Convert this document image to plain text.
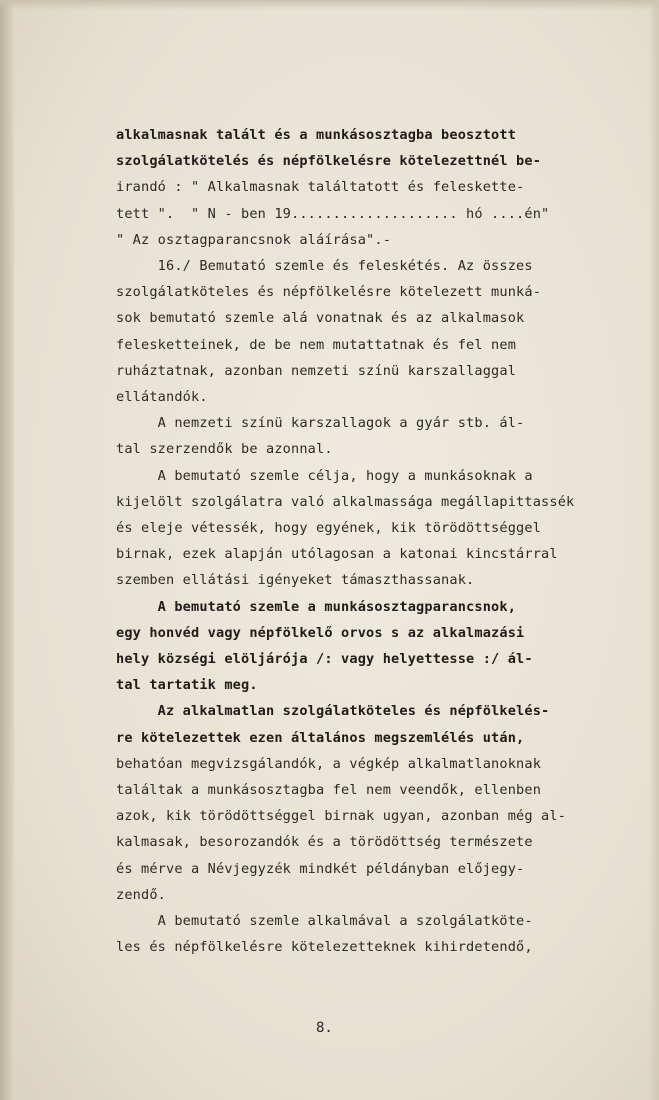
alkalmasnak talált és a munkásosztagba beosztott
szolgálatkötelés és népfölkelésre kötelezettnél be-
irandó : " Alkalmasnak találtatott és feleskette-
tett ".  " N - ben 19.................... hó ....én"
" Az osztagparancsnok aláírása".-
16./ Bemutató szemle és feleskétés. Az összes
szolgálatköteles és népfölkelésre kötelezett munká-
sok bemutató szemle alá vonatnak és az alkalmasok
felesketteinek, de be nem mutattatnak és fel nem
ruháztatnak, azonban nemzeti színü karszallaggal
ellátandók.
A nemzeti színü karszallagok a gyár stb. ál-
tal szerzendők be azonnal.
A bemutató szemle célja, hogy a munkásoknak a
kijelölt szolgálatra való alkalmassága megállapittassék
és eleje vétessék, hogy egyének, kik törödöttséggel
birnak, ezek alapján utólagosan a katonai kincstárral
szemben ellátási igényeket támaszthassanak.
A bemutató szemle a munkásosztagparancsnok,
egy honvéd vagy népfölkelő orvos s az alkalmazási
hely községi elöljárója /: vagy helyettesse :/ ál-
tal tartatik meg.
Az alkalmatlan szolgálatköteles és népfölkelés-
re kötelezettek ezen általános megszemlélés után,
behatóan megvizsgálandók, a végkép alkalmatlanoknak
találtak a munkásosztagba fel nem veendők, ellenben
azok, kik törödöttséggel birnak ugyan, azonban még al-
kalmasak, besorozandók és a törödöttség természete
és mérve a Névjegyzék mindkét példányban előjegy-
zendő.
A bemutató szemle alkalmával a szolgálatköte-
les és népfölkelésre kötelezetteknek kihirdetendő,
8.
